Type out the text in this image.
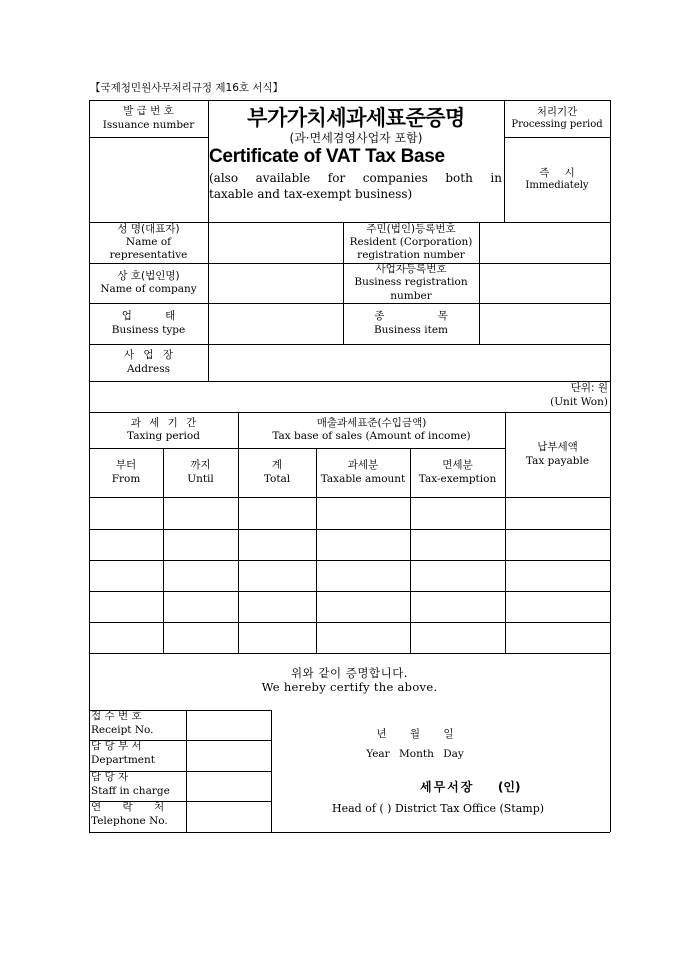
【국제청민원사무처리규정 제16호 서식】
발 급 번 호
Issuance number	부가가치세과세표준증명
(과·면세겸영사업자 포함)
Certificate of VAT Tax Base
(also available for companies both in
taxable and tax-exempt business)
처리기간
Processing period
즉 시
Immediately
성 명(대표자)
Name of
representative
주민(법인)등록번호
Resident (Corporation)
registration number
상 호(법인명)
Name of company
사업자등록번호
Business registration
number
업 태
Business type
종 목
Business item
사 업 장
Address
단위: 원
(Unit Won)
과 세 기 간
Taxing period
매출과세표준(수입금액)
Tax base of sales (Amount of income)
납부세액
Tax payable
부터
From
까지
Until
계
Total
과세분
Taxable amount
면세분
Tax-exemption
위와 같이 증명합니다.
We hereby certify the above.
접 수 번 호
Receipt No.
담 당 부 서
Department
담 당 자
Staff in charge
연 락 처
Telephone No.
년 월 일
Year Month Day
세무서장 (인)
Head of ( ) District Tax Office (Stamp)
